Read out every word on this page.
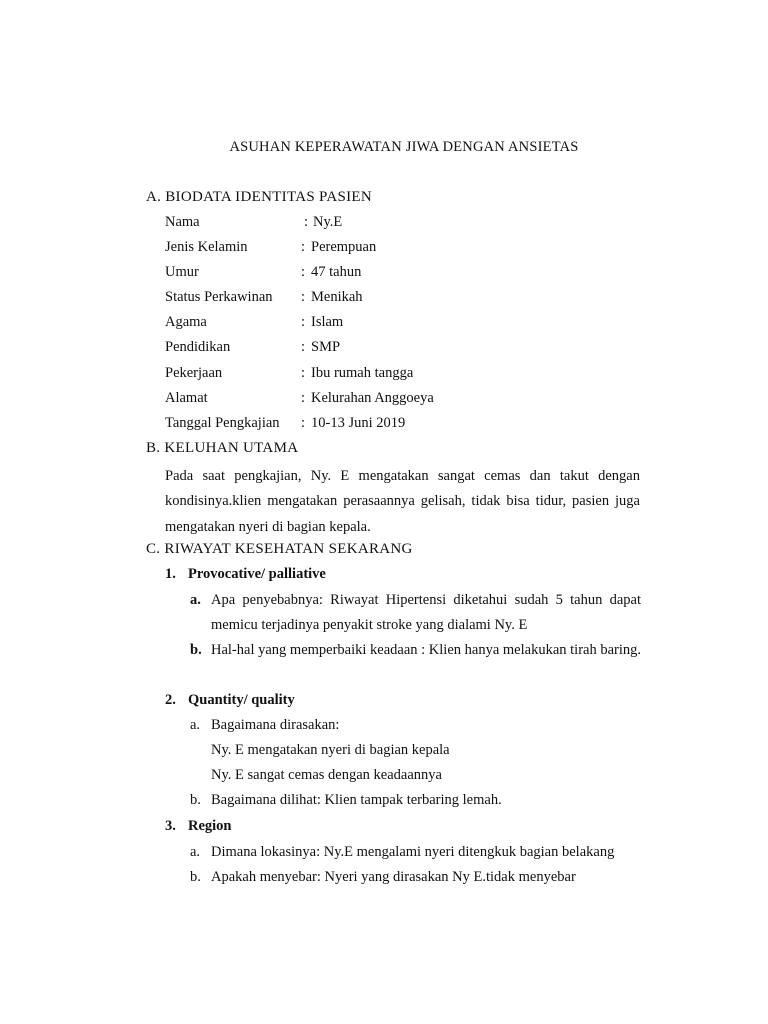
ASUHAN KEPERAWATAN JIWA DENGAN ANSIETAS
A. BIODATA IDENTITAS PASIEN
Nama	: Ny.E
Jenis Kelamin	: Perempuan
Umur	: 47 tahun
Status Perkawinan : Menikah
Agama	: Islam
Pendidikan	: SMP
Pekerjaan	: Ibu rumah tangga
Alamat	: Kelurahan Anggoeya
Tanggal Pengkajian : 10-13 Juni 2019
B. KELUHAN UTAMA
Pada saat pengkajian, Ny. E mengatakan sangat cemas dan takut dengan kondisinya.klien mengatakan perasaannya gelisah, tidak bisa tidur, pasien juga mengatakan nyeri di bagian kepala.
C. RIWAYAT KESEHATAN SEKARANG
1. Provocative/ palliative
a. Apa penyebabnya: Riwayat Hipertensi diketahui sudah 5 tahun dapat memicu terjadinya penyakit stroke yang dialami Ny. E
b. Hal-hal yang memperbaiki keadaan : Klien hanya melakukan tirah baring.
2. Quantity/ quality
a. Bagaimana dirasakan:
Ny. E mengatakan nyeri di bagian kepala
Ny. E sangat cemas dengan keadaannya
b. Bagaimana dilihat: Klien tampak terbaring lemah.
3. Region
a. Dimana lokasinya: Ny.E mengalami nyeri ditengkuk bagian belakang
b. Apakah menyebar: Nyeri yang dirasakan Ny E.tidak menyebar
